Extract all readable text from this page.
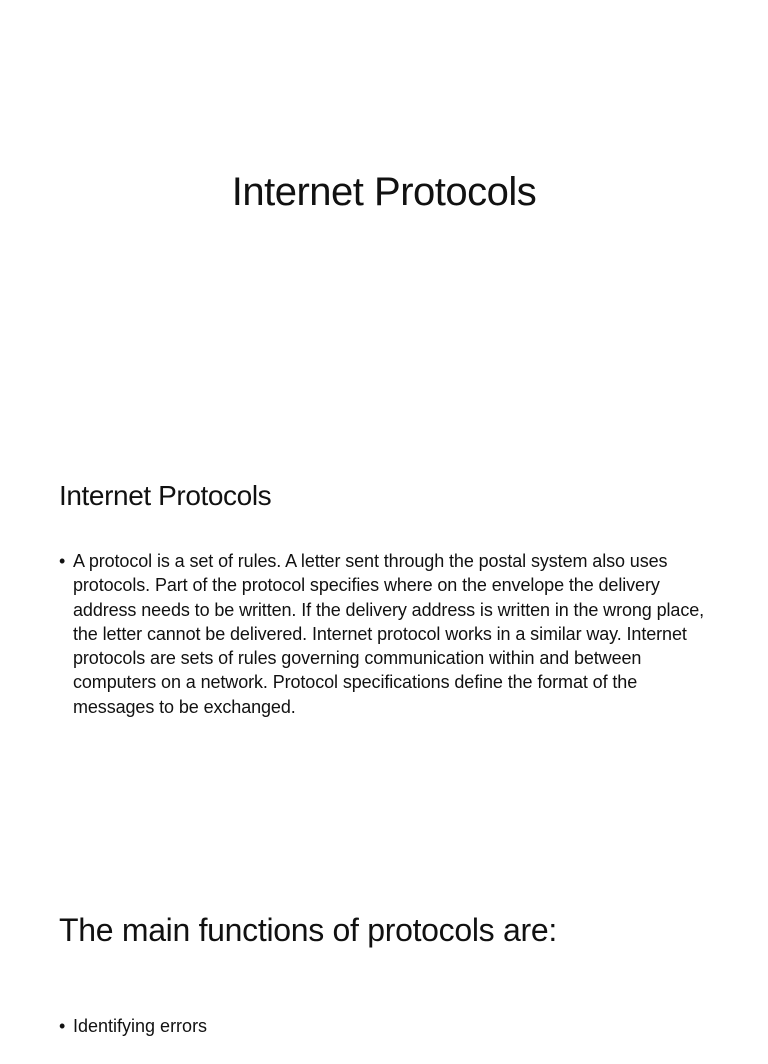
Internet Protocols
Internet Protocols
• A protocol is a set of rules. A letter sent through the postal system also uses protocols. Part of the protocol specifies where on the envelope the delivery address needs to be written. If the delivery address is written in the wrong place, the letter cannot be delivered. Internet protocol works in a similar way. Internet protocols are sets of rules governing communication within and between computers on a network. Protocol specifications define the format of the messages to be exchanged.
The main functions of protocols are:
• Identifying errors
